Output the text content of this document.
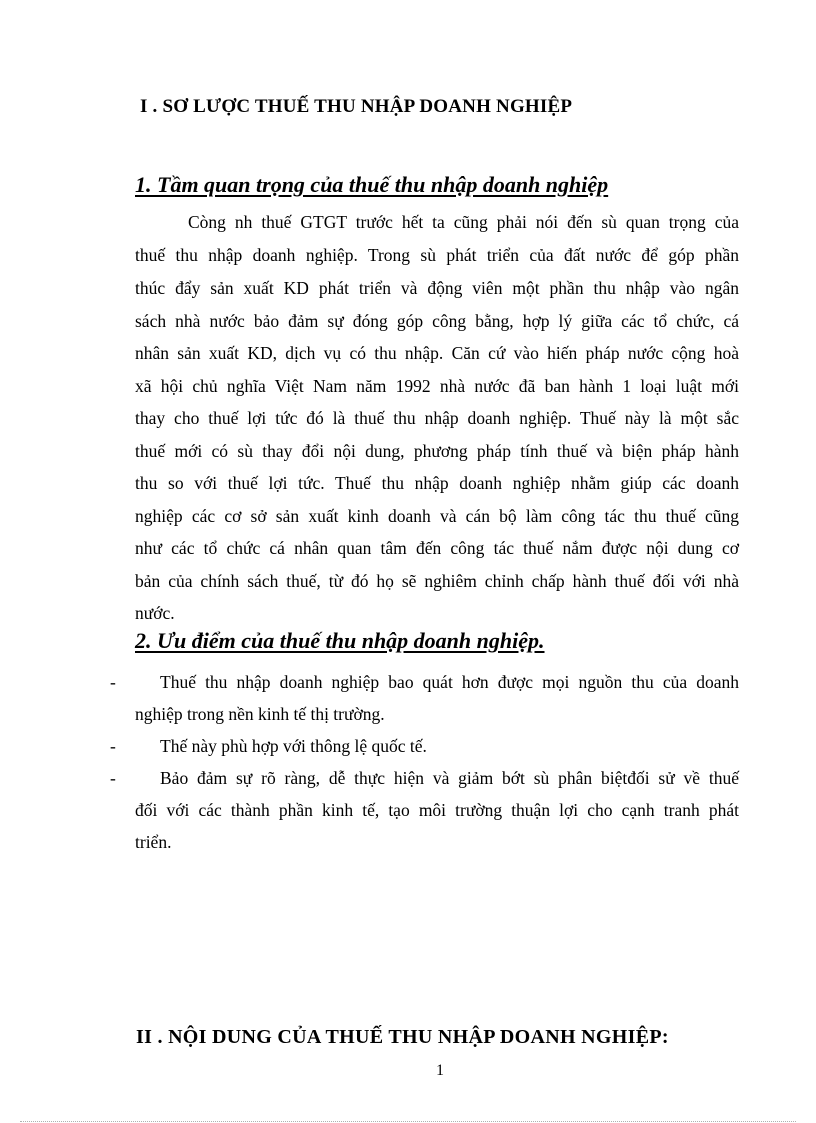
I . SƠ LƯỢC THUẾ THU NHẬP DOANH NGHIỆP
1. Tầm quan trọng của thuế thu nhập doanh nghiệp
Còng nh thuế GTGT trước hết ta cũng phải nói đến sù quan trọng của
thuế thu nhập doanh nghiệp. Trong sù phát triển của đất nước để góp phần
thúc đẩy sản xuất KD phát triển và động viên một phần thu nhập vào ngân
sách nhà nước bảo đảm sự đóng góp công bằng, hợp lý giữa các tổ chức, cá
nhân sản xuất KD, dịch vụ có thu nhập. Căn cứ vào hiến pháp nước cộng hoà
xã hội chủ nghĩa Việt Nam năm 1992 nhà nước đã ban hành 1 loại luật mới
thay cho thuế lợi tức đó là thuế thu nhập doanh nghiệp. Thuế này là một sắc
thuế mới có sù thay đổi nội dung, phương pháp tính thuế và biện pháp hành
thu so với thuế lợi tức. Thuế thu nhập doanh nghiệp nhằm giúp các doanh
nghiệp các cơ sở sản xuất kinh doanh và cán bộ làm công tác thu thuế cũng
như các tổ chức cá nhân quan tâm đến công tác thuế nắm được nội dung cơ
bản của chính sách thuế, từ đó họ sẽ nghiêm chỉnh chấp hành thuế đối với nhà
nước.
2. Ưu điểm của thuế thu nhập doanh nghiệp.
-	Thuế thu nhập doanh nghiệp bao quát hơn được mọi nguồn thu của doanh
nghiệp trong nền kinh tế thị trường.
-	Thế này phù hợp với thông lệ quốc tế.
-	Bảo đảm sự rõ ràng, dễ thực hiện và giảm bớt sù phân biệtđối sử về thuế
đối với các thành phần kinh tế, tạo môi trường thuận lợi cho cạnh tranh phát
triển.
II . NỘI DUNG CỦA THUẾ THU NHẬP DOANH NGHIỆP:
1
